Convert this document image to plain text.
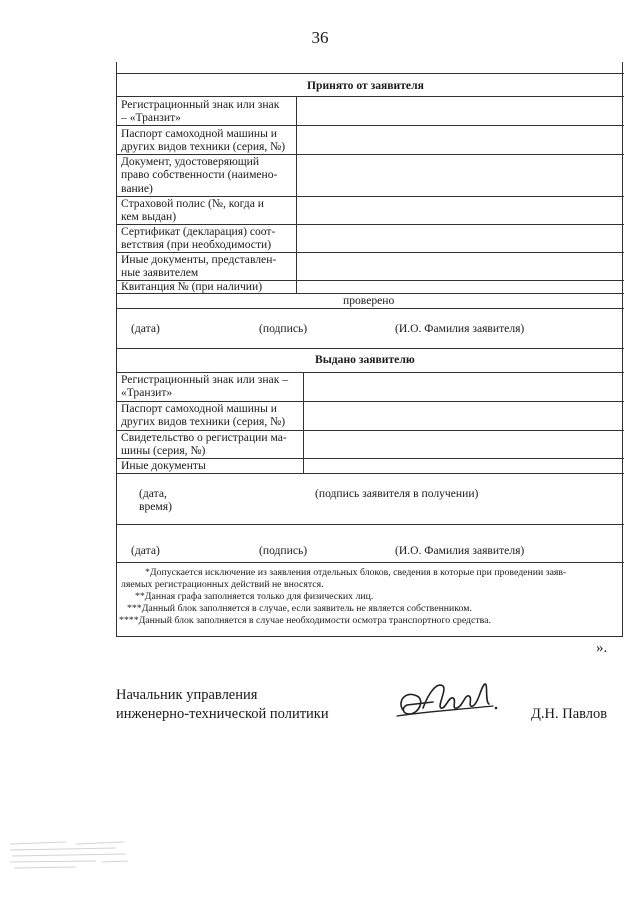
36
Принято от заявителя
Регистрационный знак или знак
– «Транзит»
Паспорт самоходной машины и
других видов техники (серия, №)
Документ, удостоверяющий
право собственности (наимено-
вание)
Страховой полис (№, когда и
кем выдан)
Сертификат (декларация) соот-
ветствия (при необходимости)
Иные документы, представлен-
ные заявителем
Квитанция № (при наличии)
проверено
(дата)	(подпись)	(И.О. Фамилия заявителя)
Выдано заявителю
Регистрационный знак или знак –
«Транзит»
Паспорт самоходной машины и
других видов техники (серия, №)
Свидетельство о регистрации ма-
шины (серия, №)
Иные документы
(дата,
время)
(подпись заявителя в получении)
(дата)	(подпись)	(И.О. Фамилия заявителя)
*Допускается исключение из заявления отдельных блоков, сведения в которые при проведении заяв-
ляемых регистрационных действий не вносятся.
**Данная графа заполняется только для физических лиц.
***Данный блок заполняется в случае, если заявитель не является собственником.
****Данный блок заполняется в случае необходимости осмотра транспортного средства.
».
Начальник управления
инженерно-технической политики	Д.Н. Павлов
